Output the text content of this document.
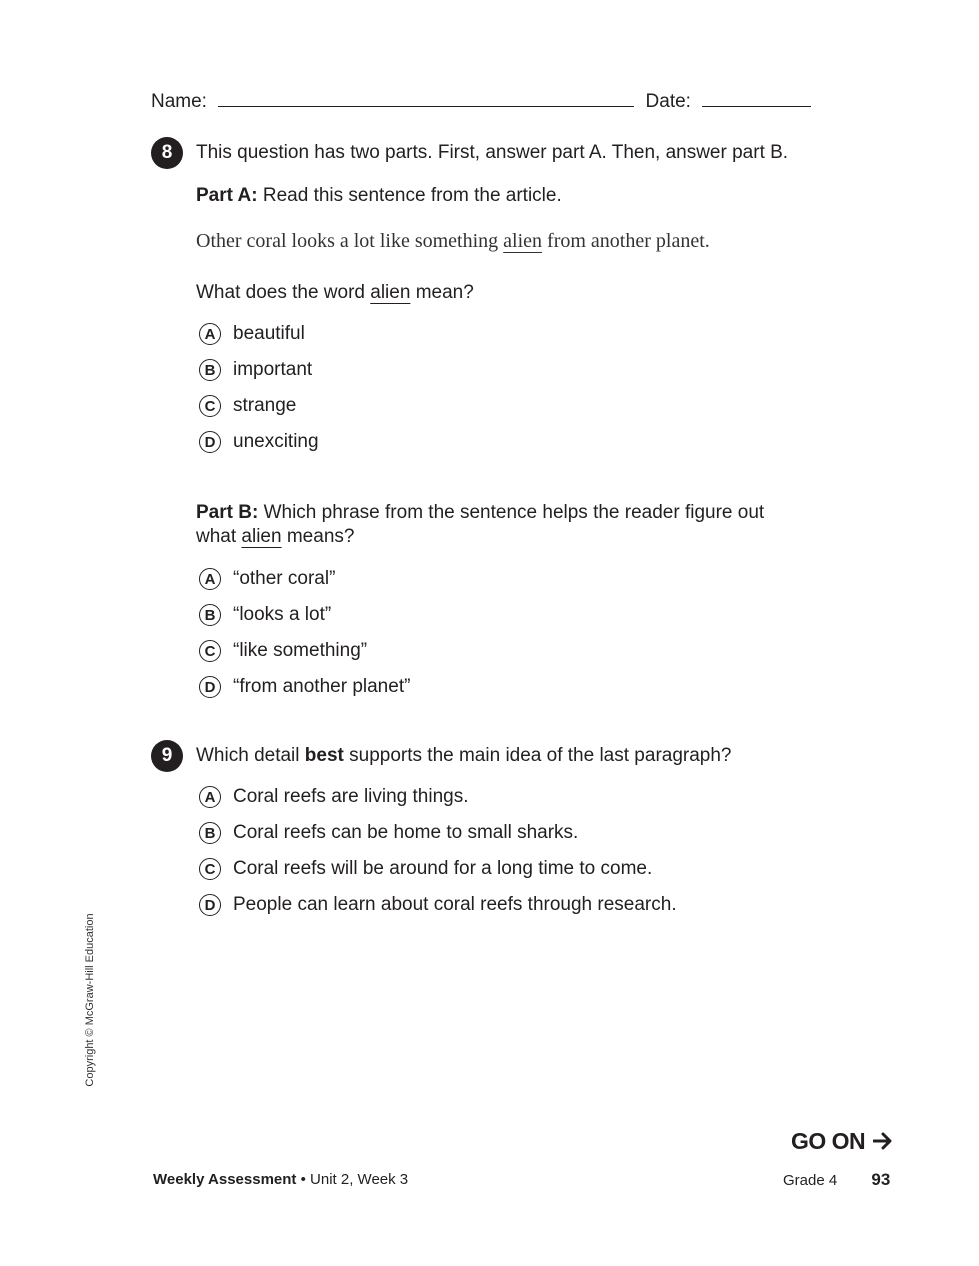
Name:	Date:
8	This question has two parts. First, answer part A. Then, answer part B.
Part A: Read this sentence from the article.
Other coral looks a lot like something alien from another planet.
What does the word alien mean?
A beautiful
B important
C strange
D unexciting
Part B: Which phrase from the sentence helps the reader figure out
what alien means?
A “other coral”
B “looks a lot”
C “like something”
D “from another planet”
9	Which detail best supports the main idea of the last paragraph?
A Coral reefs are living things.
B Coral reefs can be home to small sharks.
C Coral reefs will be around for a long time to come.
D People can learn about coral reefs through research.
Copyright © McGraw-Hill Education
GO ON
Weekly Assessment • Unit 2, Week 3	Grade 4 93
